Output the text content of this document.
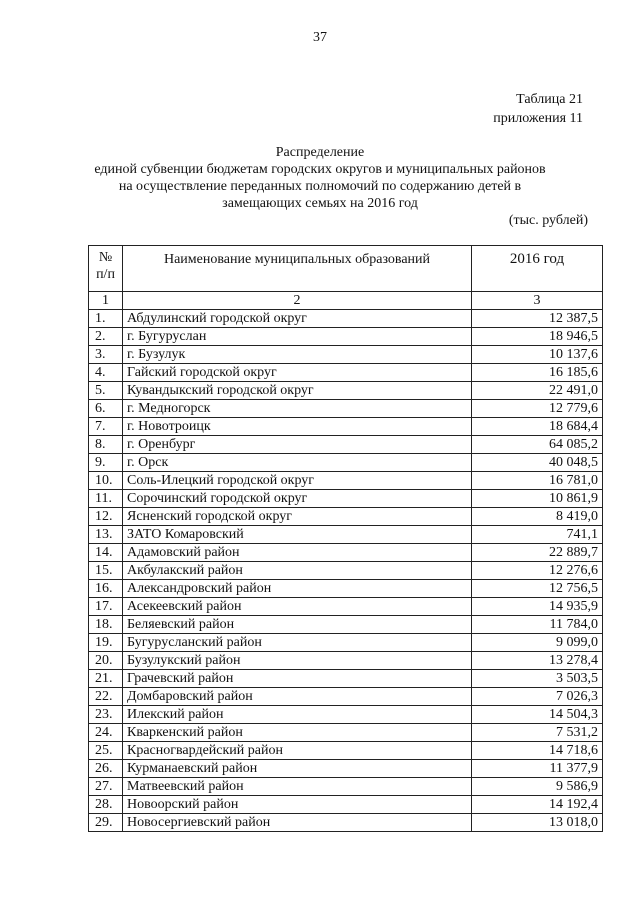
37
Таблица 21
приложения 11
Распределение
единой субвенции бюджетам городских округов и муниципальных районов
на осуществление переданных полномочий по содержанию детей в
замещающих семьях на 2016 год
(тыс. рублей)
№
п/п	Наименование муниципальных образований	2016 год
1	2	3
1.	Абдулинский городской округ	12 387,5
2.	г. Бугуруслан	18 946,5
3.	г. Бузулук	10 137,6
4.	Гайский городской округ	16 185,6
5.	Кувандыкский городской округ	22 491,0
6.	г. Медногорск	12 779,6
7.	г. Новотроицк	18 684,4
8.	г. Оренбург	64 085,2
9.	г. Орск	40 048,5
10.	Соль-Илецкий городской округ	16 781,0
11.	Сорочинский городской округ	10 861,9
12.	Ясненский городской округ	8 419,0
13.	ЗАТО Комаровский	741,1
14.	Адамовский район	22 889,7
15.	Акбулакский район	12 276,6
16.	Александровский район	12 756,5
17.	Асекеевский район	14 935,9
18.	Беляевский район	11 784,0
19.	Бугурусланский район	9 099,0
20.	Бузулукский район	13 278,4
21.	Грачевский район	3 503,5
22.	Домбаровский район	7 026,3
23.	Илекский район	14 504,3
24.	Кваркенский район	7 531,2
25.	Красногвардейский район	14 718,6
26.	Курманаевский район	11 377,9
27.	Матвеевский район	9 586,9
28.	Новоорский район	14 192,4
29.	Новосергиевский район	13 018,0
